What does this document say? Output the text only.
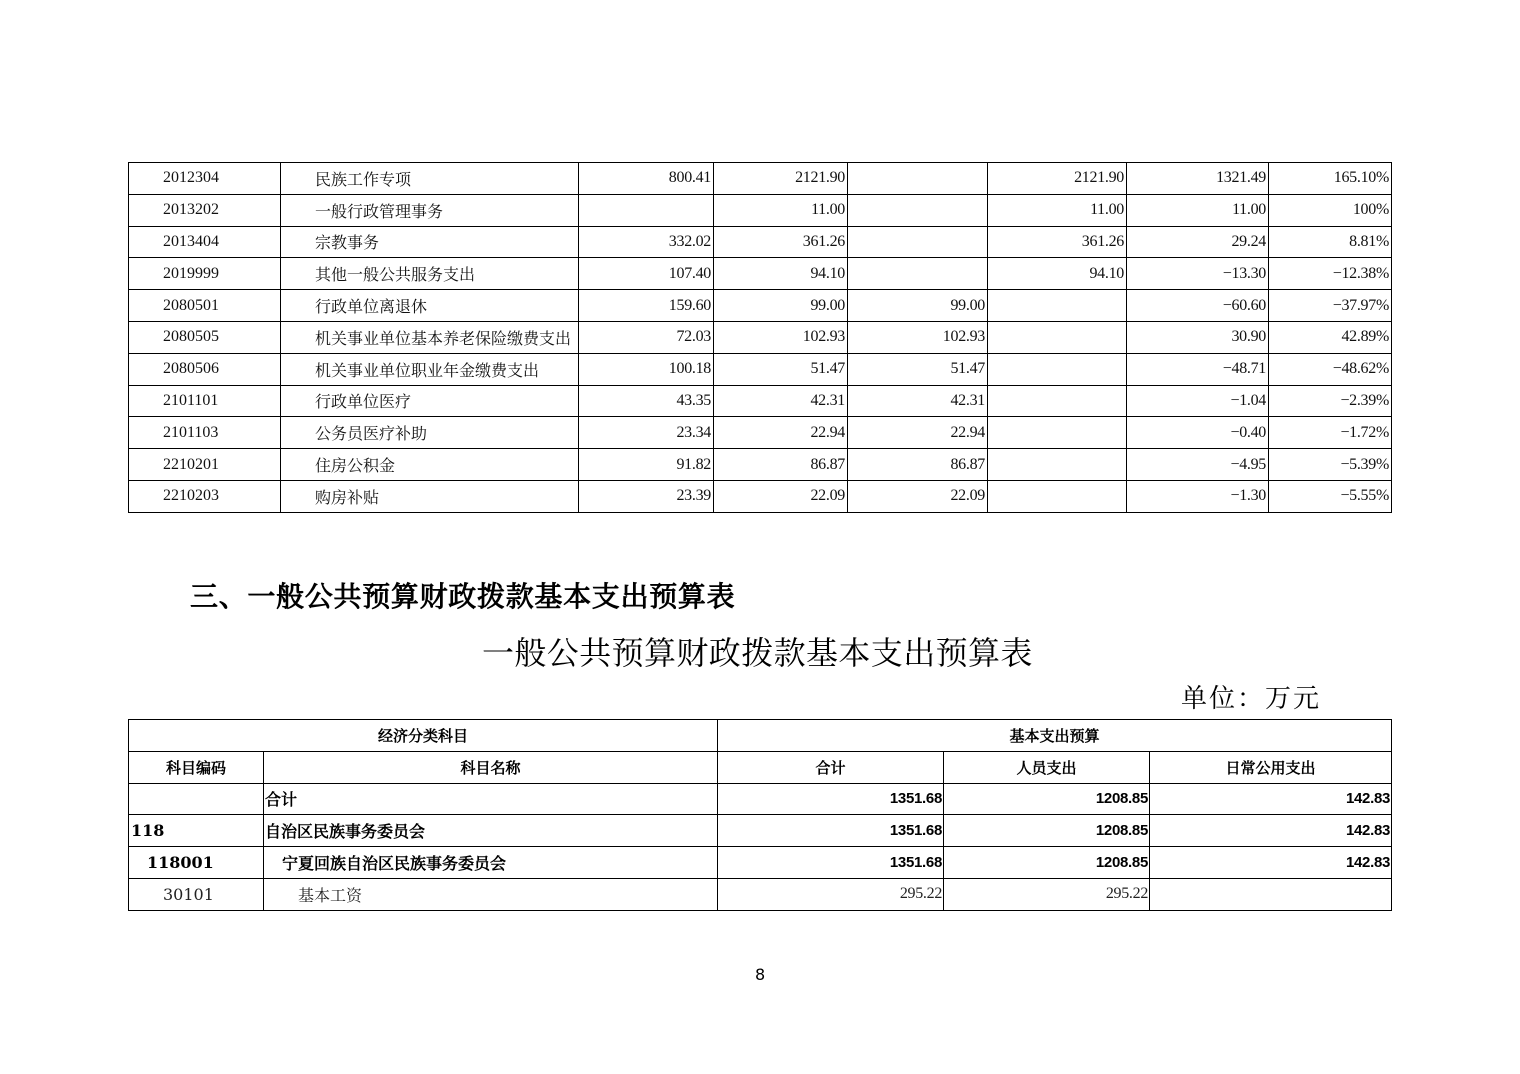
2012304	民族工作专项	800.41	2121.90		2121.90	1321.49	165.10%
2013202	一般行政管理事务		11.00		11.00	11.00	100%
2013404	宗教事务	332.02	361.26		361.26	29.24	8.81%
2019999	其他一般公共服务支出	107.40	94.10		94.10	−13.30	−12.38%
2080501	行政单位离退休	159.60	99.00	99.00		−60.60	−37.97%
2080505	机关事业单位基本养老保险缴费支出	72.03	102.93	102.93		30.90	42.89%
2080506	机关事业单位职业年金缴费支出	100.18	51.47	51.47		−48.71	−48.62%
2101101	行政单位医疗	43.35	42.31	42.31		−1.04	−2.39%
2101103	公务员医疗补助	23.34	22.94	22.94		−0.40	−1.72%
2210201	住房公积金	91.82	86.87	86.87		−4.95	−5.39%
2210203	购房补贴	23.39	22.09	22.09		−1.30	−5.55%
三、一般公共预算财政拨款基本支出预算表
一般公共预算财政拨款基本支出预算表
单位：万元
经济分类科目		基本支出预算		
科目编码	科目名称	合计	人员支出	日常公用支出
	合计	1351.68	1208.85	142.83
118	自治区民族事务委员会	1351.68	1208.85	142.83
118001	宁夏回族自治区民族事务委员会	1351.68	1208.85	142.83
30101	基本工资	295.22	295.22	
8
